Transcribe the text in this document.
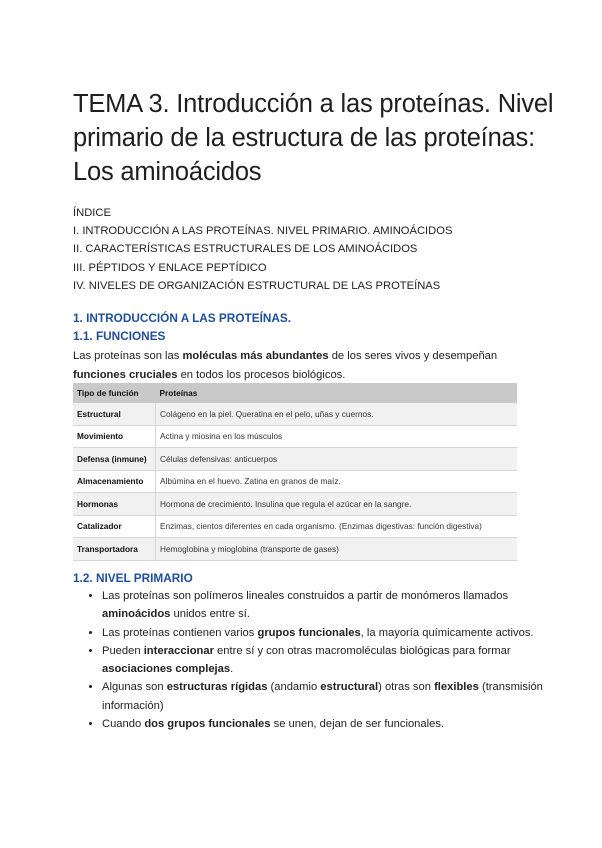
TEMA 3. Introducción a las proteínas. Nivel primario de la estructura de las proteínas: Los aminoácidos
ÍNDICE
I. INTRODUCCIÓN A LAS PROTEÍNAS. NIVEL PRIMARIO. AMINOÁCIDOS
II. CARACTERÍSTICAS ESTRUCTURALES DE LOS AMINOÁCIDOS
III. PÉPTIDOS Y ENLACE PEPTÍDICO
IV. NIVELES DE ORGANIZACIÓN ESTRUCTURAL DE LAS PROTEÍNAS
1. INTRODUCCIÓN A LAS PROTEÍNAS.
1.1. FUNCIONES
Las proteínas son las moléculas más abundantes de los seres vivos y desempeñan funciones cruciales en todos los procesos biológicos.
Tipo de función	Proteínas
Estructural	Colágeno en la piel. Queratina en el pelo, uñas y cuernos.
Movimiento	Actina y miosina en los músculos
Defensa (inmune)	Células defensivas: anticuerpos
Almacenamiento	Albúmina en el huevo. Zatina en granos de maíz.
Hormonas	Hormona de crecimiento. Insulina que regula el azúcar en la sangre.
Catalizador	Enzimas, cientos diferentes en cada organismo. (Enzimas digestivas: función digestiva)
Transportadora	Hemoglobina y mioglobina (transporte de gases)
1.2. NIVEL PRIMARIO
• Las proteínas son polímeros lineales construidos a partir de monómeros llamados aminoácidos unidos entre sí.
• Las proteínas contienen varios grupos funcionales, la mayoría químicamente activos.
• Pueden interaccionar entre sí y con otras macromoléculas biológicas para formar asociaciones complejas.
• Algunas son estructuras rígidas (andamio estructural) otras son flexibles (transmisión información)
• Cuando dos grupos funcionales se unen, dejan de ser funcionales.
